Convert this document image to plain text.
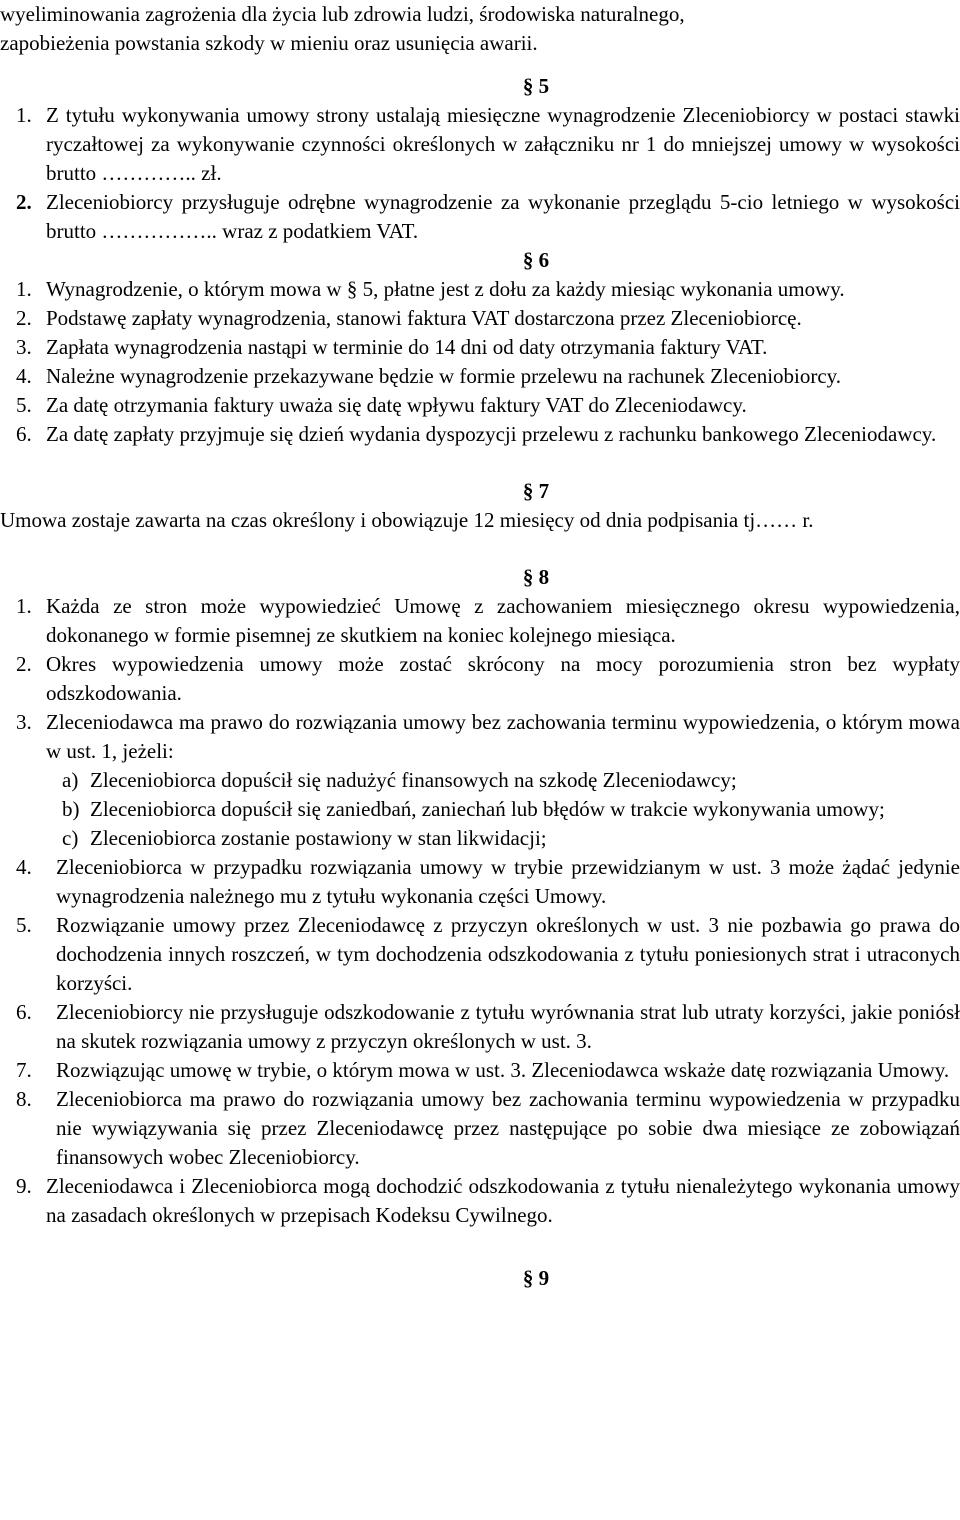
wyeliminowania zagrożenia dla życia lub zdrowia ludzi, środowiska naturalnego,

zapobieżenia powstania szkody w mieniu oraz usunięcia awarii.

§ 5

1. Z tytułu wykonywania umowy strony ustalają miesięczne wynagrodzenie Zleceniobiorcy w postaci stawki ryczałtowej za wykonywanie czynności określonych w załączniku nr 1 do mniejszej umowy w wysokości brutto ………….. zł.
2. Zleceniobiorcy przysługuje odrębne wynagrodzenie za wykonanie przeglądu 5-cio letniego w wysokości brutto …………….. wraz z podatkiem VAT.

§ 6

1. Wynagrodzenie, o którym mowa w § 5, płatne jest z dołu za każdy miesiąc wykonania umowy.
2. Podstawę zapłaty wynagrodzenia, stanowi faktura VAT dostarczona przez Zleceniobiorcę.
3. Zapłata wynagrodzenia nastąpi w terminie do 14 dni od daty otrzymania faktury VAT.
4. Należne wynagrodzenie przekazywane będzie w formie przelewu na rachunek Zleceniobiorcy.
5. Za datę otrzymania faktury uważa się datę wpływu faktury VAT do Zleceniodawcy.
6. Za datę zapłaty przyjmuje się dzień wydania dyspozycji przelewu z rachunku bankowego Zleceniodawcy.

§ 7

Umowa zostaje zawarta na czas określony i obowiązuje 12 miesięcy od dnia podpisania tj…… r.

§ 8

1. Każda ze stron może wypowiedzieć Umowę z zachowaniem miesięcznego okresu wypowiedzenia, dokonanego w formie pisemnej ze skutkiem na koniec kolejnego miesiąca.
2. Okres wypowiedzenia umowy może zostać skrócony na mocy porozumienia stron bez wypłaty odszkodowania.
3. Zleceniodawca ma prawo do rozwiązania umowy bez zachowania terminu wypowiedzenia, o którym mowa w ust. 1, jeżeli:
a) Zleceniobiorca dopuścił się nadużyć finansowych na szkodę Zleceniodawcy;
b) Zleceniobiorca dopuścił się zaniedbań, zaniechań lub błędów w trakcie wykonywania umowy;
c) Zleceniobiorca zostanie postawiony w stan likwidacji;
4. Zleceniobiorca w przypadku rozwiązania umowy w trybie przewidzianym w ust. 3 może żądać jedynie wynagrodzenia należnego mu z tytułu wykonania części Umowy.
5. Rozwiązanie umowy przez Zleceniodawcę z przyczyn określonych w ust. 3 nie pozbawia go prawa do dochodzenia innych roszczeń, w tym dochodzenia odszkodowania z tytułu poniesionych strat i utraconych korzyści.
6. Zleceniobiorcy nie przysługuje odszkodowanie z tytułu wyrównania strat lub utraty korzyści, jakie poniósł na skutek rozwiązania umowy z przyczyn określonych w ust. 3.
7. Rozwiązując umowę w trybie, o którym mowa w ust. 3. Zleceniodawca wskaże datę rozwiązania Umowy.
8. Zleceniobiorca ma prawo do rozwiązania umowy bez zachowania terminu wypowiedzenia w przypadku nie wywiązywania się przez Zleceniodawcę przez następujące po sobie dwa miesiące ze zobowiązań finansowych wobec Zleceniobiorcy.
9. Zleceniodawca i Zleceniobiorca mogą dochodzić odszkodowania z tytułu nienależytego wykonania umowy na zasadach określonych w przepisach Kodeksu Cywilnego.

§ 9
